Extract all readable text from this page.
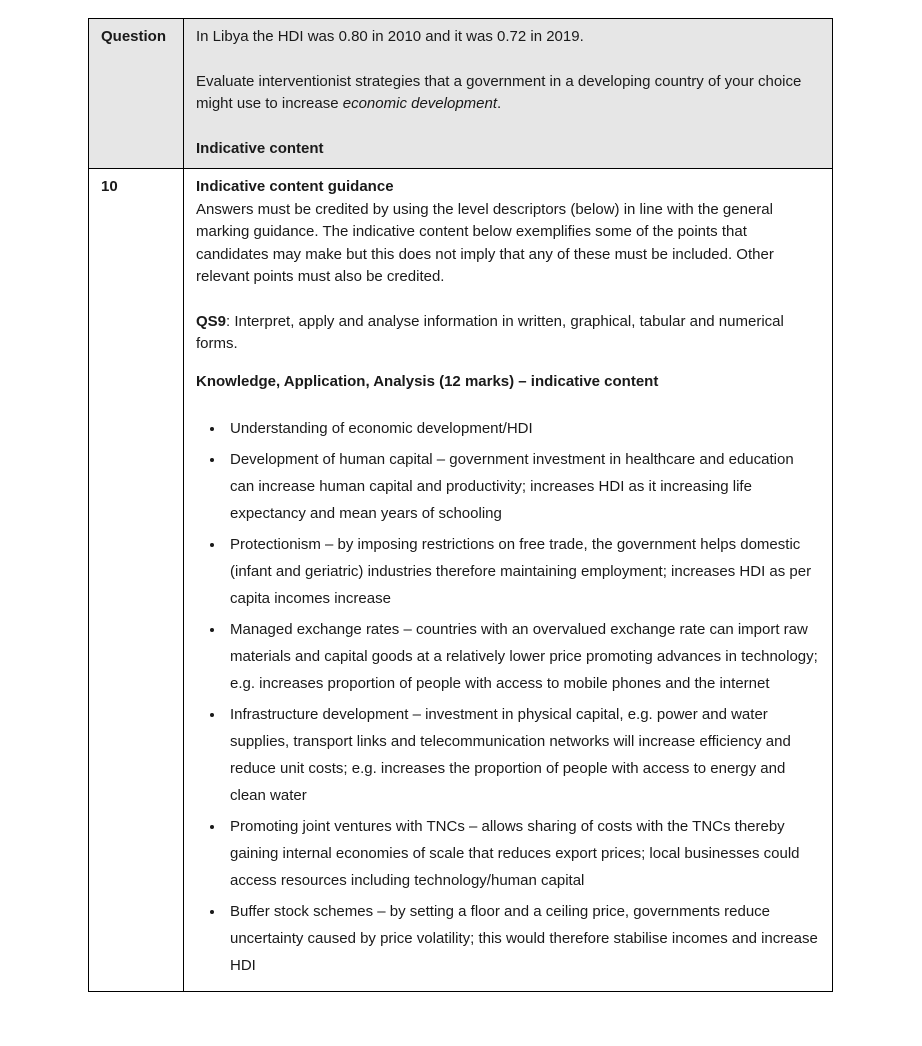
Question	In Libya the HDI was 0.80 in 2010 and it was 0.72 in 2019.

Evaluate interventionist strategies that a government in a developing country of your choice might use to increase economic development.

Indicative content

10	Indicative content guidance

Answers must be credited by using the level descriptors (below) in line with the general marking guidance. The indicative content below exemplifies some of the points that candidates may make but this does not imply that any of these must be included. Other relevant points must also be credited.

QS9: Interpret, apply and analyse information in written, graphical, tabular and numerical forms.

Knowledge, Application, Analysis (12 marks) – indicative content

• Understanding of economic development/HDI
• Development of human capital – government investment in healthcare and education can increase human capital and productivity; increases HDI as it increasing life expectancy and mean years of schooling
• Protectionism – by imposing restrictions on free trade, the government helps domestic (infant and geriatric) industries therefore maintaining employment; increases HDI as per capita incomes increase
• Managed exchange rates – countries with an overvalued exchange rate can import raw materials and capital goods at a relatively lower price promoting advances in technology; e.g. increases proportion of people with access to mobile phones and the internet
• Infrastructure development – investment in physical capital, e.g. power and water supplies, transport links and telecommunication networks will increase efficiency and reduce unit costs; e.g. increases the proportion of people with access to energy and clean water
• Promoting joint ventures with TNCs – allows sharing of costs with the TNCs thereby gaining internal economies of scale that reduces export prices; local businesses could access resources including technology/human capital
• Buffer stock schemes – by setting a floor and a ceiling price, governments reduce uncertainty caused by price volatility; this would therefore stabilise incomes and increase HDI
